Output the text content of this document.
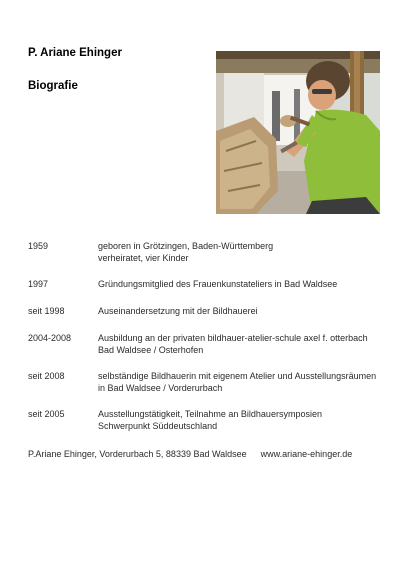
P. Ariane Ehinger
Biografie
1959	geboren in Grötzingen, Baden-Württemberg
verheiratet, vier Kinder
1997	Gründungsmitglied des Frauenkunstateliers in Bad Waldsee
seit 1998	Auseinandersetzung mit der Bildhauerei
2004-2008	Ausbildung an der privaten bildhauer-atelier-schule axel f. otterbach
Bad Waldsee / Osterhofen
seit 2008	selbständige Bildhauerin mit eigenem Atelier und Ausstellungsräumen
in Bad Waldsee / Vorderurbach
seit 2005	Ausstellungstätigkeit, Teilnahme an Bildhauersymposien
Schwerpunkt Süddeutschland
P.Ariane Ehinger, Vorderurbach 5, 88339 Bad Waldsee www.ariane-ehinger.de
